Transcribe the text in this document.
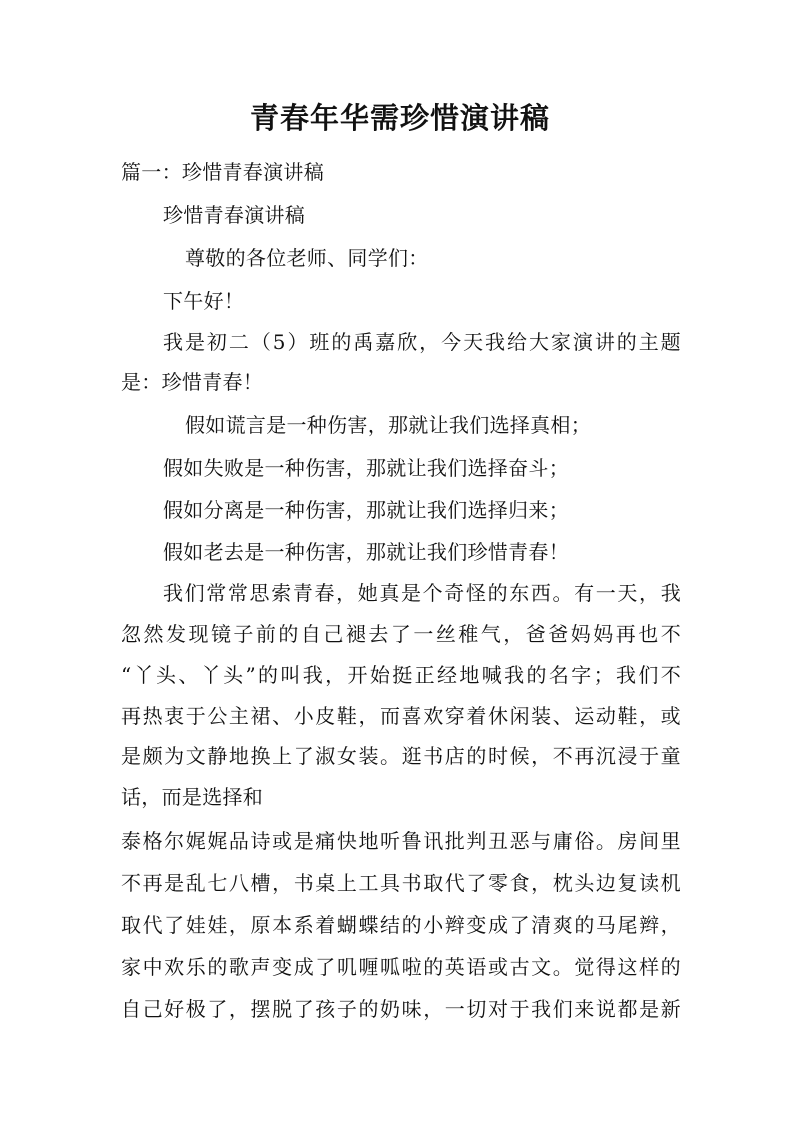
青春年华需珍惜演讲稿
篇一：珍惜青春演讲稿
珍惜青春演讲稿
尊敬的各位老师、同学们：
下午好！
我是初二（5）班的禹嘉欣，今天我给大家演讲的主题
是：珍惜青春！
假如谎言是一种伤害，那就让我们选择真相；
假如失败是一种伤害，那就让我们选择奋斗；
假如分离是一种伤害，那就让我们选择归来；
假如老去是一种伤害，那就让我们珍惜青春！
我们常常思索青春，她真是个奇怪的东西。有一天，我
忽然发现镜子前的自己褪去了一丝稚气，爸爸妈妈再也不
“丫头、丫头”的叫我，开始挺正经地喊我的名字；我们不
再热衷于公主裙、小皮鞋，而喜欢穿着休闲装、运动鞋，或
是颇为文静地换上了淑女装。逛书店的时候，不再沉浸于童
话，而是选择和
泰格尔娓娓品诗或是痛快地听鲁讯批判丑恶与庸俗。房间里
不再是乱七八槽，书桌上工具书取代了零食，枕头边复读机
取代了娃娃，原本系着蝴蝶结的小辫变成了清爽的马尾辫，
家中欢乐的歌声变成了叽喱呱啦的英语或古文。觉得这样的
自己好极了，摆脱了孩子的奶味，一切对于我们来说都是新
